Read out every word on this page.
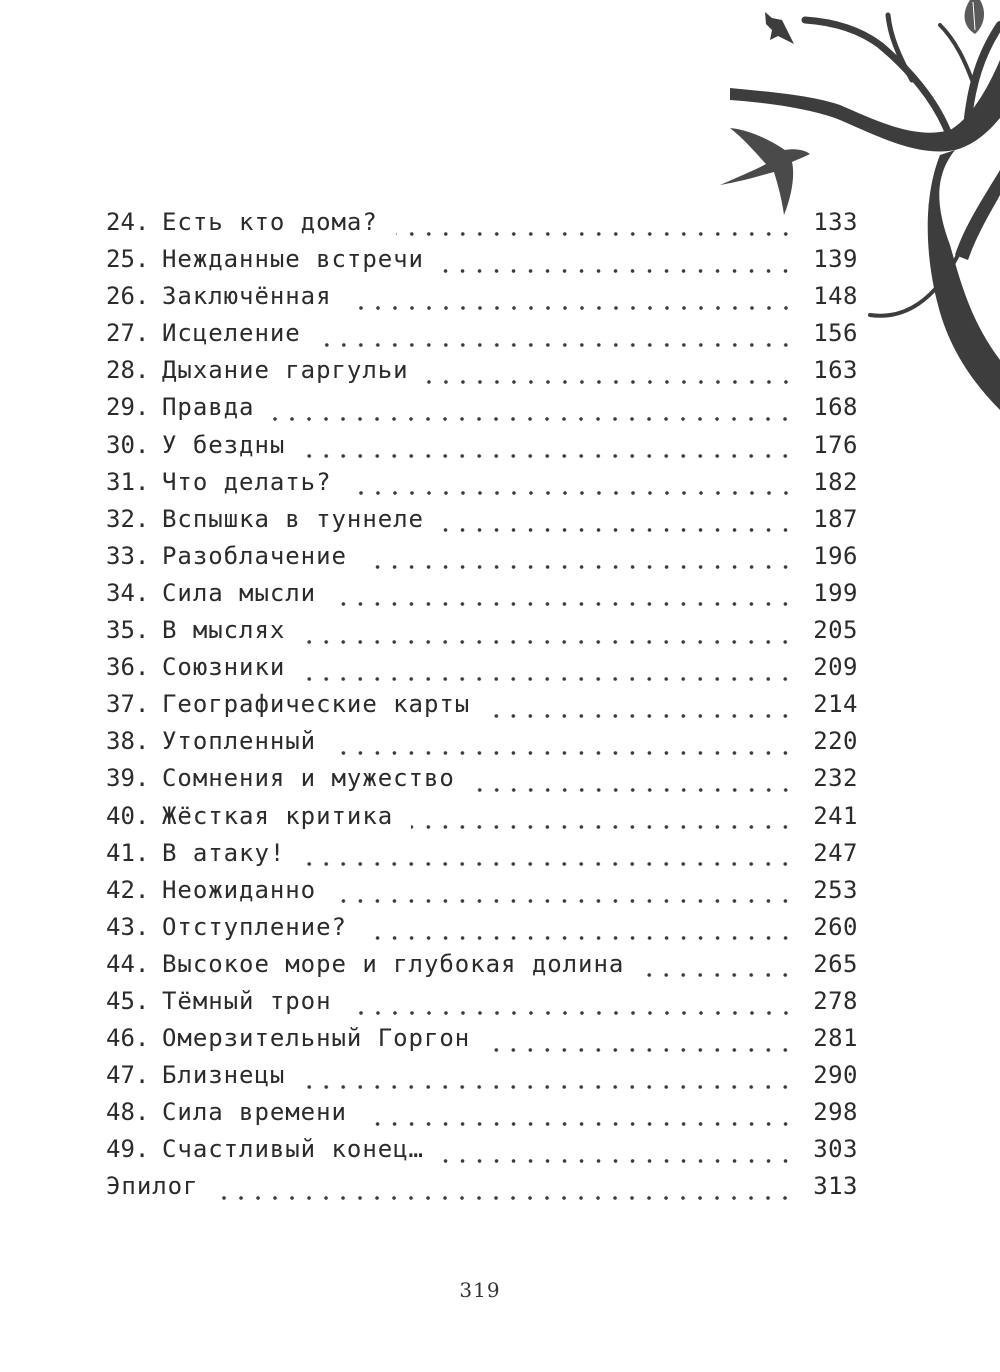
24. Есть кто дома?	133
25. Нежданные встречи	139
26. Заключённая	148
27. Исцеление	156
28. Дыхание гаргульи	163
29. Правда	168
30. У бездны	176
31. Что делать?	182
32. Вспышка в туннеле	187
33. Разоблачение	196
34. Сила мысли	199
35. В мыслях	205
36. Союзники	209
37. Географические карты	214
38. Утопленный	220
39. Сомнения и мужество	232
40. Жёсткая критика	241
41. В атаку!	247
42. Неожиданно	253
43. Отступление?	260
44. Высокое море и глубокая долина	265
45. Тёмный трон	278
46. Омерзительный Горгон	281
47. Близнецы	290
48. Сила времени	298
49. Счастливый конец…	303
Эпилог	313
319
